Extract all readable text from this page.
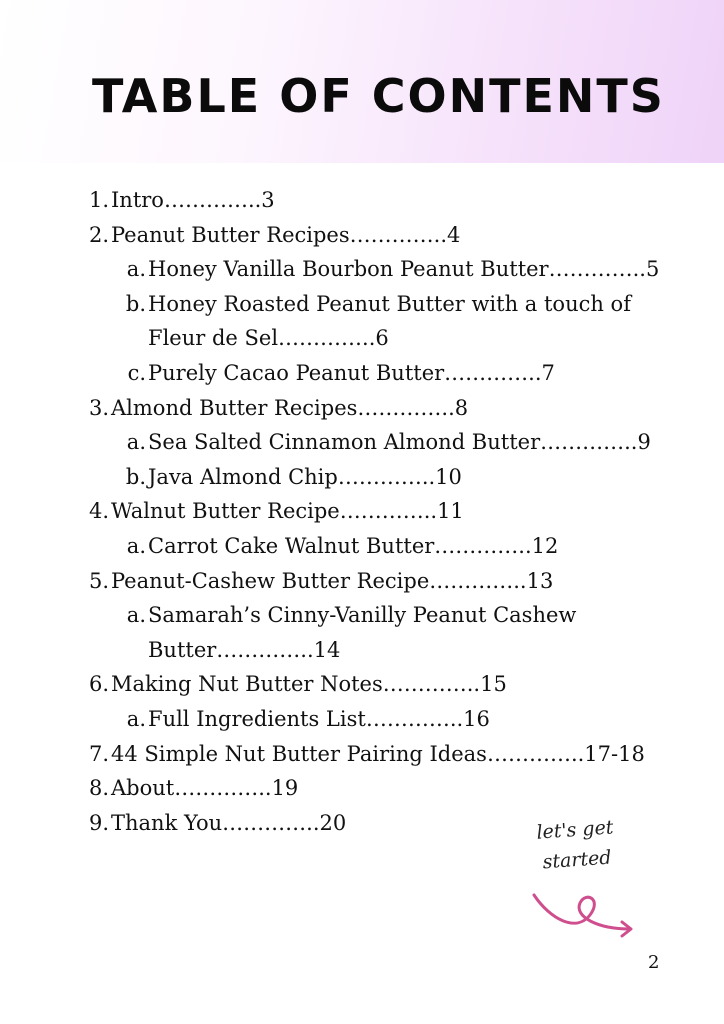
TABLE OF CONTENTS
1. Intro…………..3
2. Peanut Butter Recipes…………..4
a. Honey Vanilla Bourbon Peanut Butter…………..5
b. Honey Roasted Peanut Butter with a touch of Fleur de Sel…………..6
c. Purely Cacao Peanut Butter…………..7
3. Almond Butter Recipes…………..8
a. Sea Salted Cinnamon Almond Butter…………..9
b. Java Almond Chip…………..10
4. Walnut Butter Recipe…………..11
a. Carrot Cake Walnut Butter…………..12
5. Peanut-Cashew Butter Recipe…………..13
a. Samarah’s Cinny-Vanilly Peanut Cashew Butter…………..14
6. Making Nut Butter Notes…………..15
a. Full Ingredients List…………..16
7. 44 Simple Nut Butter Pairing Ideas…………..17-18
8. About…………..19
9. Thank You…………..20	let's get
started
2
